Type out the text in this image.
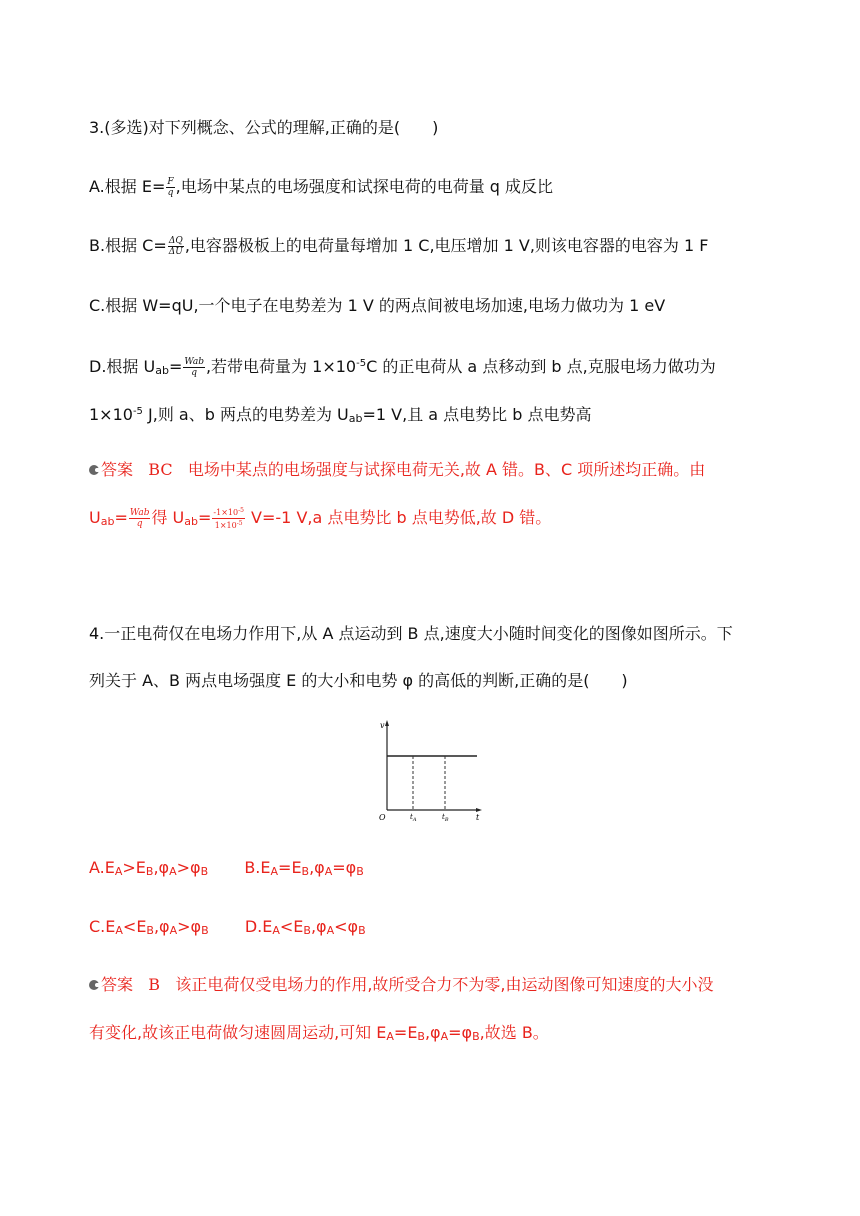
3.(多选)对下列概念、公式的理解,正确的是(　　)
A.根据 $E= \frac{F}{q}$ ,电场中某点的电场强度和试探电荷的电荷量 q 成反比
B.根据 $C= \frac{\Delta Q}{\Delta U}$ ,电容器极板上的电荷量每增加 1 C,电压增加 1 V,则该电容器的电容为 1 F
C.根据 W=qU,一个电子在电势差为 1 V 的两点间被电场加速,电场力做功为 1 eV
D.根据 $U_{ab}= \frac{\text{Wab}}{q}$ ,若带电荷量为 $1\times 10^{-5}C$ 的正电荷从 a 点移动到 b 点,克服电场力做功为
$1\times 10^{-5}$ J,则 a、b 两点的电势差为 $U_{ab}=1$ V,且 a 点电势比 b 点电势高
答案 BC 电场中某点的电场强度与试探电荷无关,故 A 错。B、C 项所述均正确。由
$U_{ab}= \frac{\text{Wab}}{q}$ 得 $U_{ab}= \frac{-1\times 10^{-5}}{1\times 10^{-5}} V=-1$ V,a 点电势比 b 点电势低,故 D 错。
4.一正电荷仅在电场力作用下,从 A 点运动到 B 点,速度大小随时间变化的图像如图所示。下
列关于 A、B 两点电场强度 E 的大小和电势 φ 的高低的判断,正确的是(　　)
v
t
O	$t_A$	$t_B$
$A.E_A>E_B,\varphi_A>\varphi_B$ $B.E_A=E_B,\varphi_A=\varphi_B$
$C.E_A<E_B,\varphi_A>\varphi_B$ $D.E_A<E_B,\varphi_A<\varphi_B$
答案 B 该正电荷仅受电场力的作用,故所受合力不为零,由运动图像可知速度的大小没
有变化,故该正电荷做匀速圆周运动,可知 $E_A=E_B,\varphi_A=\varphi_B$,故选 B。
